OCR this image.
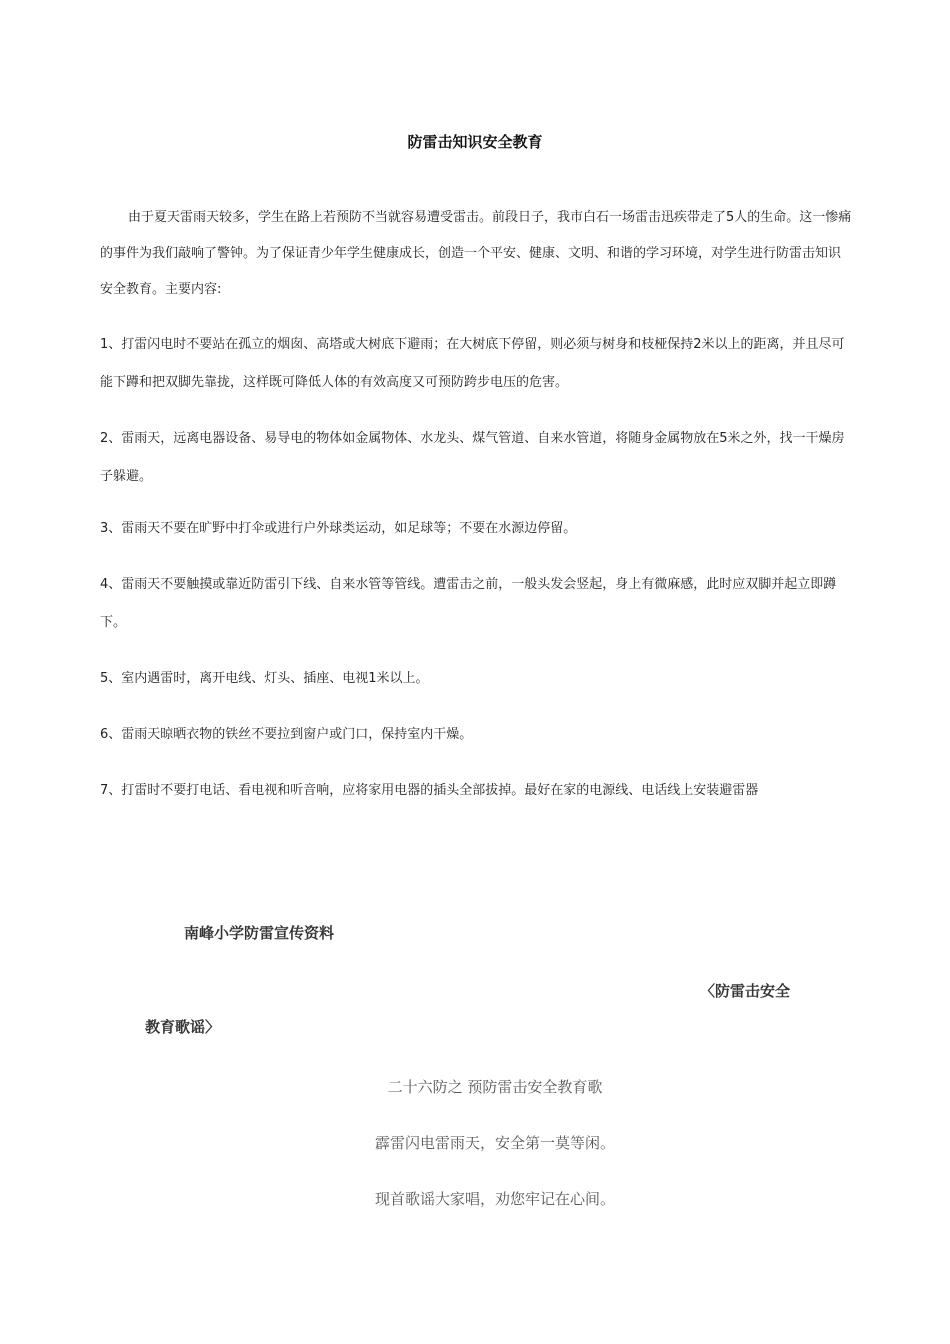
防雷击知识安全教育

由于夏天雷雨天较多，学生在路上若预防不当就容易遭受雷击。前段日子，我市白石一场雷击迅疾带走了5人的生命。这一惨痛的事件为我们敲响了警钟。为了保证青少年学生健康成长，创造一个平安、健康、文明、和谐的学习环境，对学生进行防雷击知识安全教育。主要内容:

1、打雷闪电时不要站在孤立的烟囱、高塔或大树底下避雨；在大树底下停留，则必须与树身和枝桠保持2米以上的距离，并且尽可能下蹲和把双脚先靠拢，这样既可降低人体的有效高度又可预防跨步电压的危害。

2、雷雨天，远离电器设备、易导电的物体如金属物体、水龙头、煤气管道、自来水管道，将随身金属物放在5米之外，找一干燥房子躲避。

3、雷雨天不要在旷野中打伞或进行户外球类运动，如足球等；不要在水源边停留。

4、雷雨天不要触摸或靠近防雷引下线、自来水管等管线。遭雷击之前，一般头发会竖起，身上有微麻感，此时应双脚并起立即蹲下。

5、室内遇雷时，离开电线、灯头、插座、电视1米以上。

6、雷雨天晾晒衣物的铁丝不要拉到窗户或门口，保持室内干燥。

7、打雷时不要打电话、看电视和听音响，应将家用电器的插头全部拔掉。最好在家的电源线、电话线上安装避雷器

南峰小学防雷宣传资料
〈防雷击安全
教育歌谣〉
二十六防之 预防雷击安全教育歌
霹雷闪电雷雨天，安全第一莫等闲。
现首歌谣大家唱，劝您牢记在心间。
